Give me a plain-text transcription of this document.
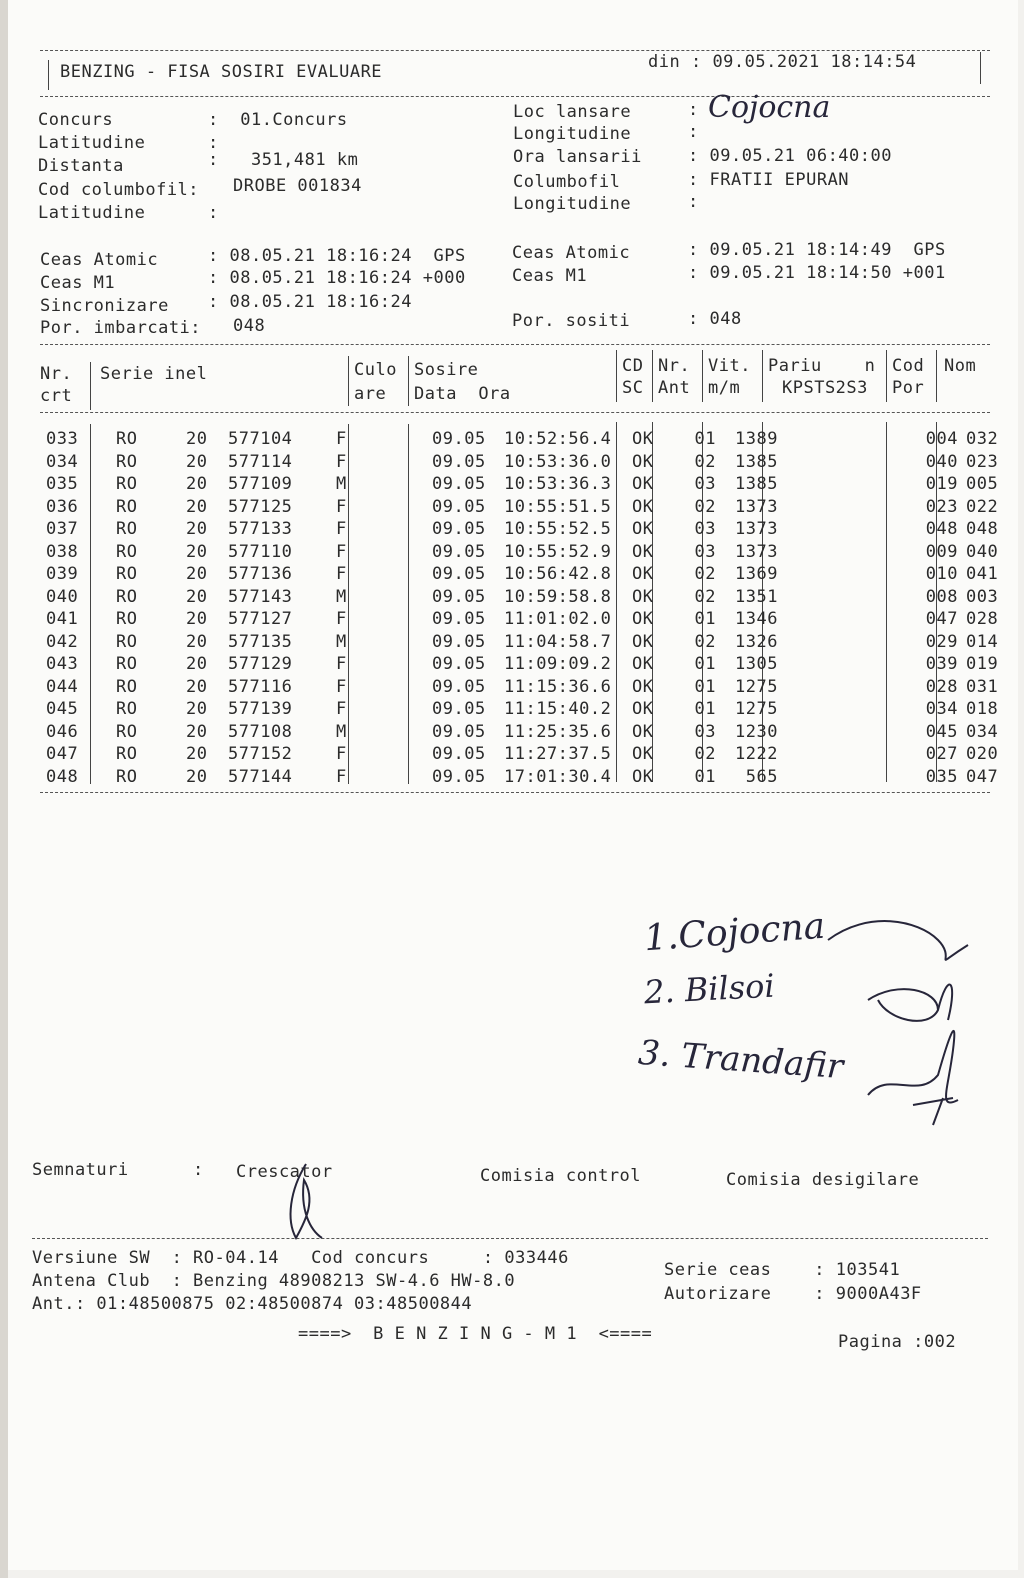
BENZING - FISA SOSIRI EVALUARE	din : 09.05.2021 18:14:54
Concurs	:  01.Concurs
Latitudine	:
Distanta	:   351,481 km
Cod columbofil: DROBE 001834
Latitudine	:
Loc lansare	:
Cojocna
Longitudine	:
Ora lansarii	: 09.05.21 06:40:00
Columbofil	: FRATII EPURAN
Longitudine	:
Ceas Atomic	: 08.05.21 18:16:24 GPS
Ceas M1	: 08.05.21 18:16:24 +000
Sincronizare : 08.05.21 18:16:24
Por. imbarcati: 048
Ceas Atomic	: 09.05.21 18:14:49 GPS
Ceas M1	: 09.05.21 18:14:50 +001
Por. sositi	: 048
Nr.
crt
Serie inel	Culo
are
Sosire
Data  Ora
CD
SC
Nr.
Ant
Vit.
m/m
Pariu    n
KPSTS2S3
Cod
Por
Nom
033	RO	20	577104	F		09.05	10:52:56.4	OK	01	1389		004	032
034	RO	20	577114	F		09.05	10:53:36.0	OK	02	1385		040	023
035	RO	20	577109	M		09.05	10:53:36.3	OK	03	1385		019	005
036	RO	20	577125	F		09.05	10:55:51.5	OK	02	1373		023	022
037	RO	20	577133	F		09.05	10:55:52.5	OK	03	1373		048	048
038	RO	20	577110	F		09.05	10:55:52.9	OK	03	1373		009	040
039	RO	20	577136	F		09.05	10:56:42.8	OK	02	1369		010	041
040	RO	20	577143	M		09.05	10:59:58.8	OK	02	1351		008	003
041	RO	20	577127	F		09.05	11:01:02.0	OK	01	1346		047	028
042	RO	20	577135	M		09.05	11:04:58.7	OK	02	1326		029	014
043	RO	20	577129	F		09.05	11:09:09.2	OK	01	1305		039	019
044	RO	20	577116	F		09.05	11:15:36.6	OK	01	1275		028	031
045	RO	20	577139	F		09.05	11:15:40.2	OK	01	1275		034	018
046	RO	20	577108	M		09.05	11:25:35.6	OK	03	1230		045	034
047	RO	20	577152	F		09.05	11:27:37.5	OK	02	1222		027	020
048	RO	20	577144	F		09.05	17:01:30.4	OK	01	565		035	047
1.Cojocna
2. Bilsoi
3. Trandafir
Semnaturi      : Crescator	Comisia control	Comisia desigilare
Versiune SW  : RO-04.14 Cod concurs     : 033446
Antena Club  : Benzing 48908213 SW-4.6 HW-8.0
Ant.: 01:48500875 02:48500874 03:48500844
Serie ceas    : 103541
Autorizare    : 9000A43F
====>  B E N Z I N G - M 1  <====	Pagina :002
